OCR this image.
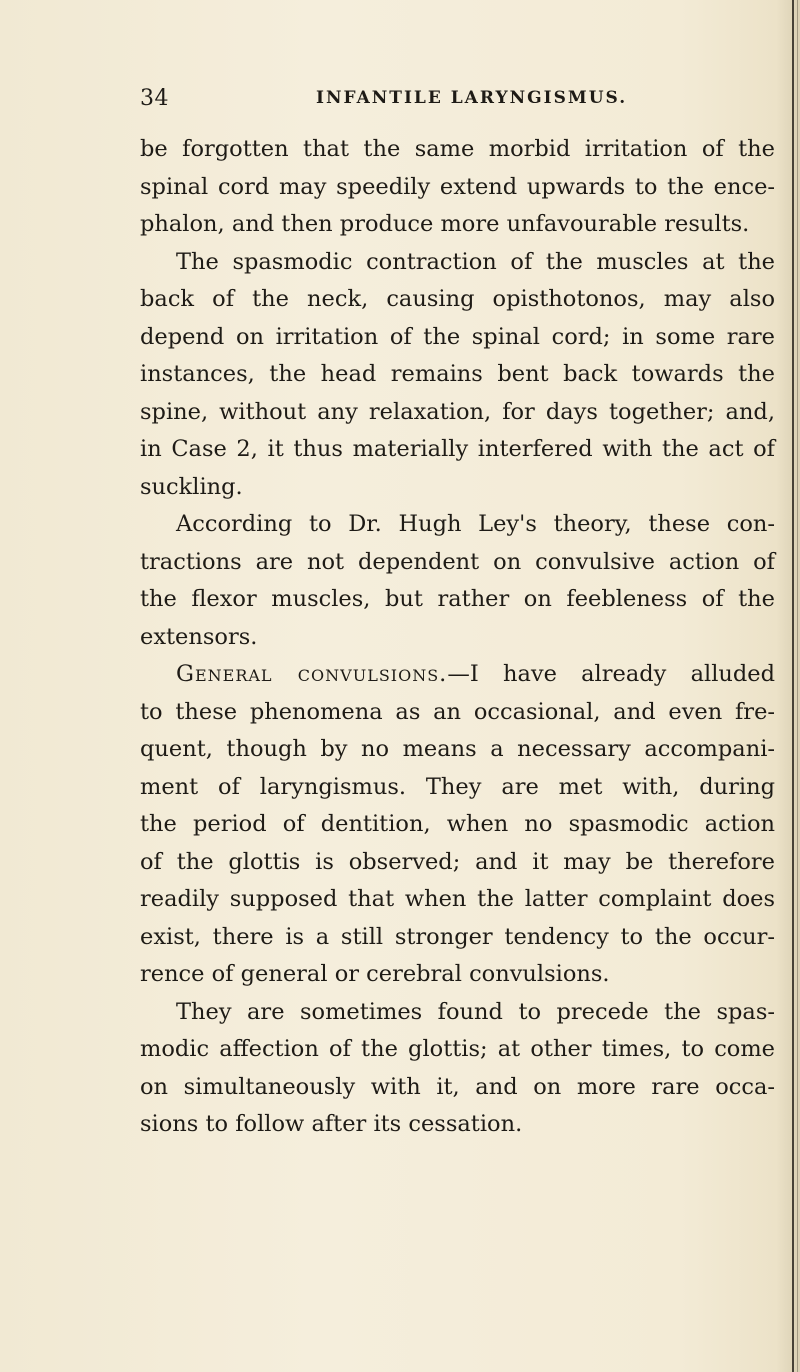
34	INFANTILE LARYNGISMUS.
be forgotten that the same morbid irritation of the
spinal cord may speedily extend upwards to the ence-
phalon, and then produce more unfavourable results.
The spasmodic contraction of the muscles at the
back of the neck, causing opisthotonos, may also
depend on irritation of the spinal cord; in some rare
instances, the head remains bent back towards the
spine, without any relaxation, for days together; and,
in Case 2, it thus materially interfered with the act of
suckling.
According to Dr. Hugh Ley's theory, these con-
tractions are not dependent on convulsive action of
the flexor muscles, but rather on feebleness of the
extensors.
General convulsions.—I have already alluded
to these phenomena as an occasional, and even fre-
quent, though by no means a necessary accompani-
ment of laryngismus. They are met with, during
the period of dentition, when no spasmodic action
of the glottis is observed; and it may be therefore
readily supposed that when the latter complaint does
exist, there is a still stronger tendency to the occur-
rence of general or cerebral convulsions.
They are sometimes found to precede the spas-
modic affection of the glottis; at other times, to come
on simultaneously with it, and on more rare occa-
sions to follow after its cessation.
